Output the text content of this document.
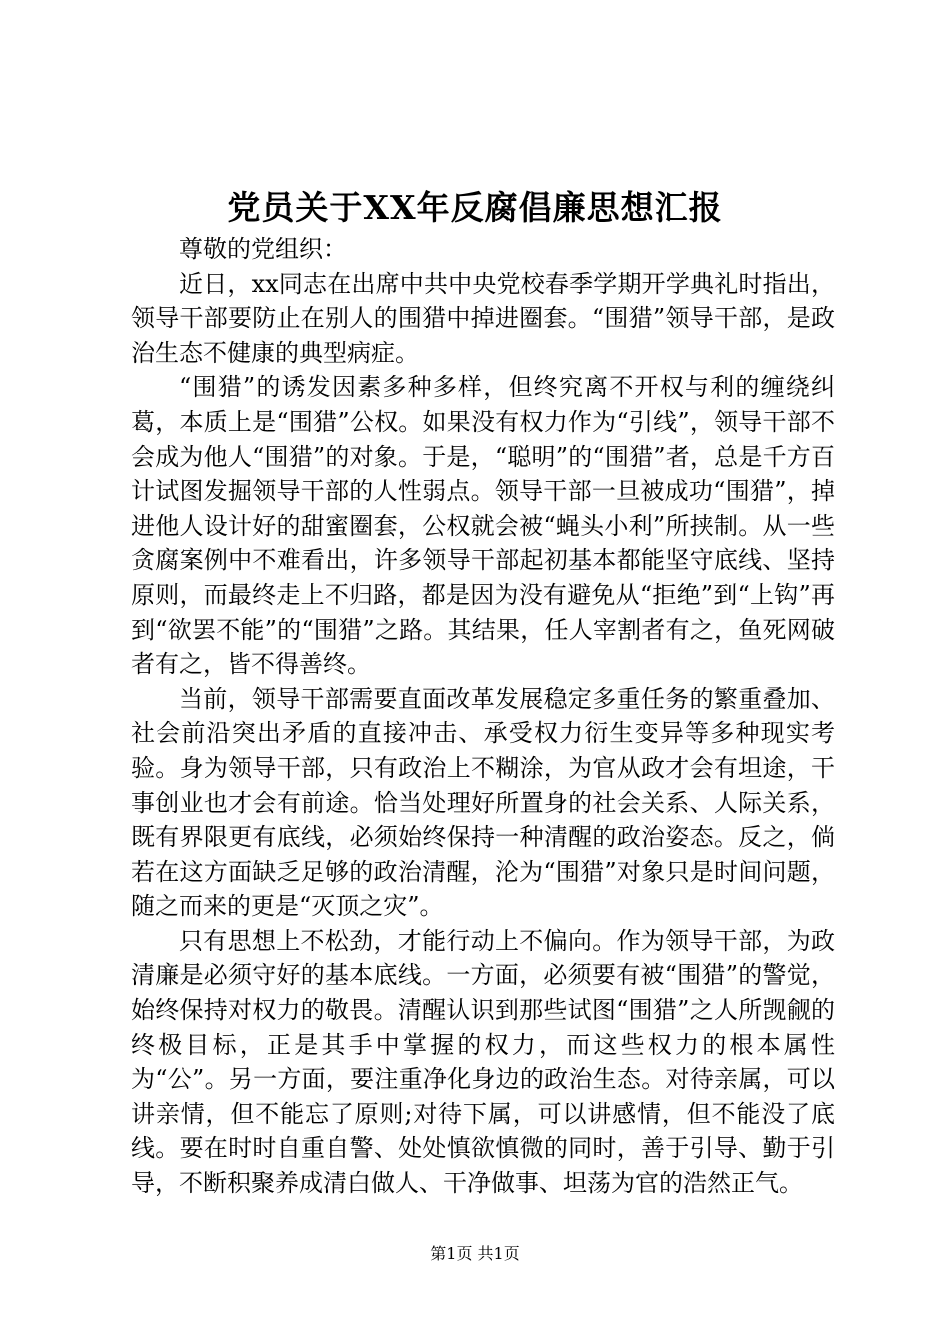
党员关于XX年反腐倡廉思想汇报

尊敬的党组织：

近日，xx同志在出席中共中央党校春季学期开学典礼时指出，领导干部要防止在别人的围猎中掉进圈套。“围猎”领导干部，是政治生态不健康的典型病症。

“围猎”的诱发因素多种多样，但终究离不开权与利的缠绕纠葛，本质上是“围猎”公权。如果没有权力作为“引线”，领导干部不会成为他人“围猎”的对象。于是，“聪明”的“围猎”者，总是千方百计试图发掘领导干部的人性弱点。领导干部一旦被成功“围猎”，掉进他人设计好的甜蜜圈套，公权就会被“蝇头小利”所挟制。从一些贪腐案例中不难看出，许多领导干部起初基本都能坚守底线、坚持原则，而最终走上不归路，都是因为没有避免从“拒绝”到“上钩”再到“欲罢不能”的“围猎”之路。其结果，任人宰割者有之，鱼死网破者有之，皆不得善终。

当前，领导干部需要直面改革发展稳定多重任务的繁重叠加、社会前沿突出矛盾的直接冲击、承受权力衍生变异等多种现实考验。身为领导干部，只有政治上不糊涂，为官从政才会有坦途，干事创业也才会有前途。恰当处理好所置身的社会关系、人际关系，既有界限更有底线，必须始终保持一种清醒的政治姿态。反之，倘若在这方面缺乏足够的政治清醒，沦为“围猎”对象只是时间问题，随之而来的更是“灭顶之灾”。

只有思想上不松劲，才能行动上不偏向。作为领导干部，为政清廉是必须守好的基本底线。一方面，必须要有被“围猎”的警觉，始终保持对权力的敬畏。清醒认识到那些试图“围猎”之人所觊觎的终极目标，正是其手中掌握的权力，而这些权力的根本属性为“公”。另一方面，要注重净化身边的政治生态。对待亲属，可以讲亲情，但不能忘了原则;对待下属，可以讲感情，但不能没了底线。要在时时自重自警、处处慎欲慎微的同时，善于引导、勤于引导，不断积聚养成清白做人、干净做事、坦荡为官的浩然正气。

第1页 共1页
